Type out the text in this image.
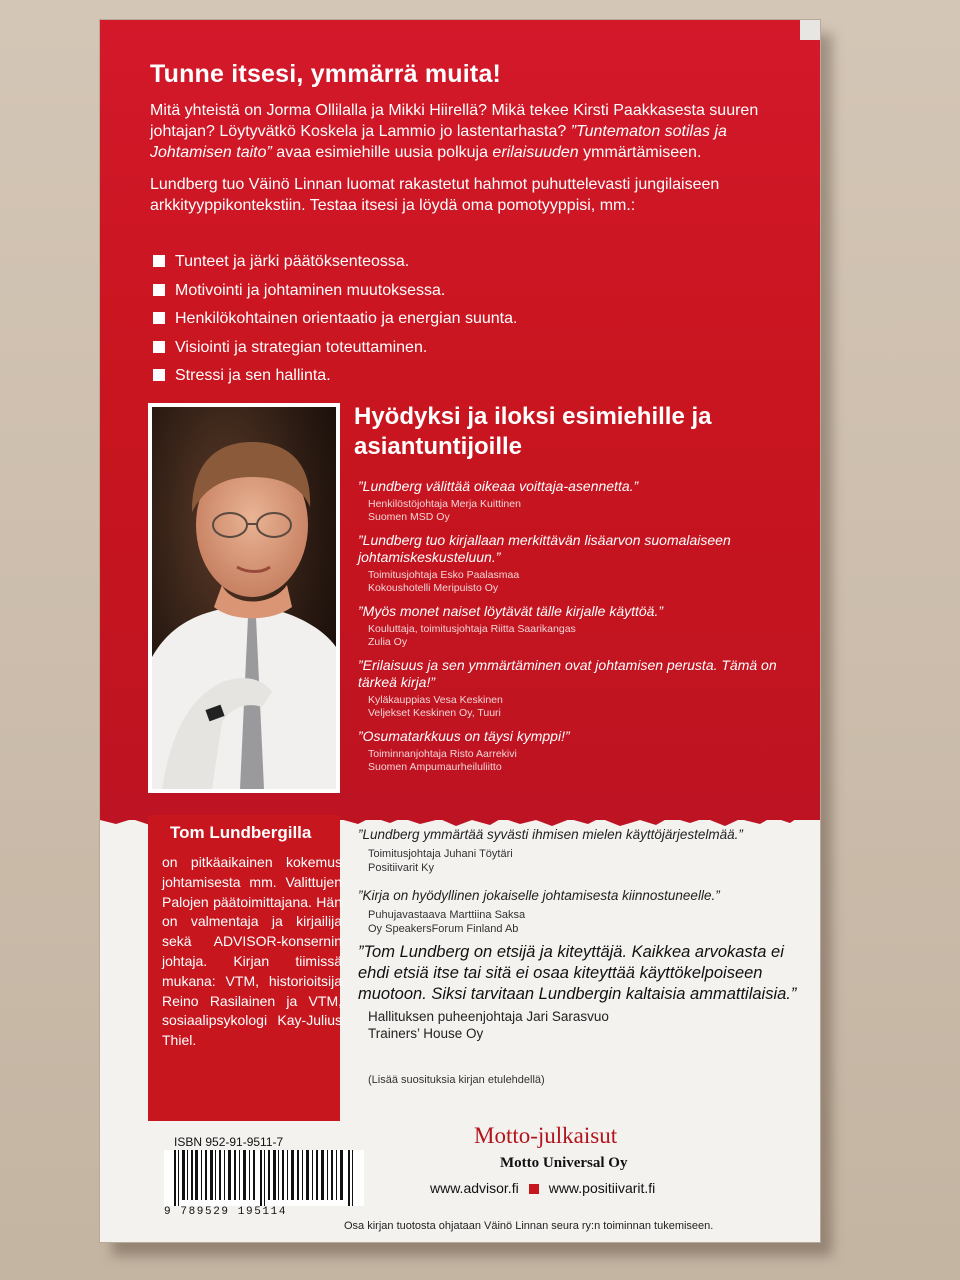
Tunne itsesi, ymmärrä muita!

Mitä yhteistä on Jorma Ollilalla ja Mikki Hiirellä? Mikä tekee Kirsti Paakkasesta suuren johtajan? Löytyvätkö Koskela ja Lammio jo lastentarhasta? ”Tuntematon sotilas ja Johtamisen taito” avaa esimiehille uusia polkuja erilaisuuden ymmärtämiseen.

Lundberg tuo Väinö Linnan luomat rakastetut hahmot puhuttelevasti jungilaiseen arkkityyppikontekstiin. Testaa itsesi ja löydä oma pomotyyppisi, mm.:

Tunteet ja järki päätöksenteossa.
Motivointi ja johtaminen muutoksessa.
Henkilökohtainen orientaatio ja energian suunta.
Visiointi ja strategian toteuttaminen.
Stressi ja sen hallinta.
Hyödyksi ja iloksi esimiehille ja asiantuntijoille
”Lundberg välittää oikeaa voittaja-asennetta.”
Henkilöstöjohtaja Merja Kuittinen
Suomen MSD Oy
”Lundberg tuo kirjallaan merkittävän lisäarvon suomalaiseen johtamiskeskusteluun.”
Toimitusjohtaja Esko Paalasmaa
Kokoushotelli Meripuisto Oy
”Myös monet naiset löytävät tälle kirjalle käyttöä.”
Kouluttaja, toimitusjohtaja Riitta Saarikangas
Zulia Oy
”Erilaisuus ja sen ymmärtäminen ovat johtamisen perusta. Tämä on tärkeä kirja!”
Kyläkauppias Vesa Keskinen
Veljekset Keskinen Oy, Tuuri
”Osumatarkkuus on täysi kymppi!”
Toiminnanjohtaja Risto Aarrekivi
Suomen Ampumaurheiluliitto
”Lundberg ymmärtää syvästi ihmisen mielen käyttöjärjestelmää.”
Toimitusjohtaja Juhani Töytäri
Positiivarit Ky
”Kirja on hyödyllinen jokaiselle johtamisesta kiinnostuneelle.”
Puhujavastaava Marttiina Saksa
Oy SpeakersForum Finland Ab
”Tom Lundberg on etsijä ja kiteyttäjä. Kaikkea arvokasta ei ehdi etsiä itse tai sitä ei osaa kiteyttää käyttökelpoiseen muotoon. Siksi tarvitaan Lundbergin kaltaisia ammattilaisia.”
Hallituksen puheenjohtaja Jari Sarasvuo
Trainers’ House Oy
(Lisää suosituksia kirjan etulehdellä)
Tom Lundbergilla
on pitkäaikainen kokemus johtamisesta mm. Valittujen Palojen päätoimittajana. Hän on valmentaja ja kirjailija sekä ADVISOR-konsernin johtaja. Kirjan tiimissä mukana: VTM, historioitsija Reino Rasilainen ja VTM, sosiaalipsykologi Kay-Julius Thiel.
ISBN 952-91-9511-7
9 789529 195114
Motto-julkaisut
Motto Universal Oy
www.advisor.fi www.positiivarit.fi
Osa kirjan tuotosta ohjataan Väinö Linnan seura ry:n toiminnan tukemiseen.
